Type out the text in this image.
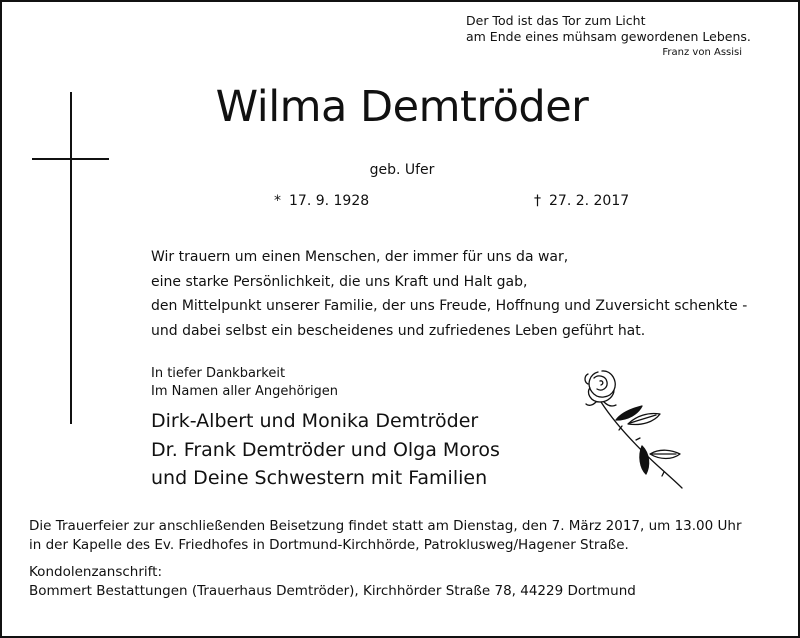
Der Tod ist das Tor zum Licht
am Ende eines mühsam gewordenen Lebens.
Franz von Assisi
Wilma Demtröder
geb. Ufer
* 17. 9. 1928	† 27. 2. 2017
Wir trauern um einen Menschen, der immer für uns da war,
eine starke Persönlichkeit, die uns Kraft und Halt gab,
den Mittelpunkt unserer Familie, der uns Freude, Hoffnung und Zuversicht schenkte -
und dabei selbst ein bescheidenes und zufriedenes Leben geführt hat.
In tiefer Dankbarkeit
Im Namen aller Angehörigen
Dirk-Albert und Monika Demtröder
Dr. Frank Demtröder und Olga Moros
und Deine Schwestern mit Familien
Die Trauerfeier zur anschließenden Beisetzung findet statt am Dienstag, den 7. März 2017, um 13.00 Uhr
in der Kapelle des Ev. Friedhofes in Dortmund-Kirchhörde, Patroklusweg/Hagener Straße.
Kondolenzanschrift:
Bommert Bestattungen (Trauerhaus Demtröder), Kirchhörder Straße 78, 44229 Dortmund
